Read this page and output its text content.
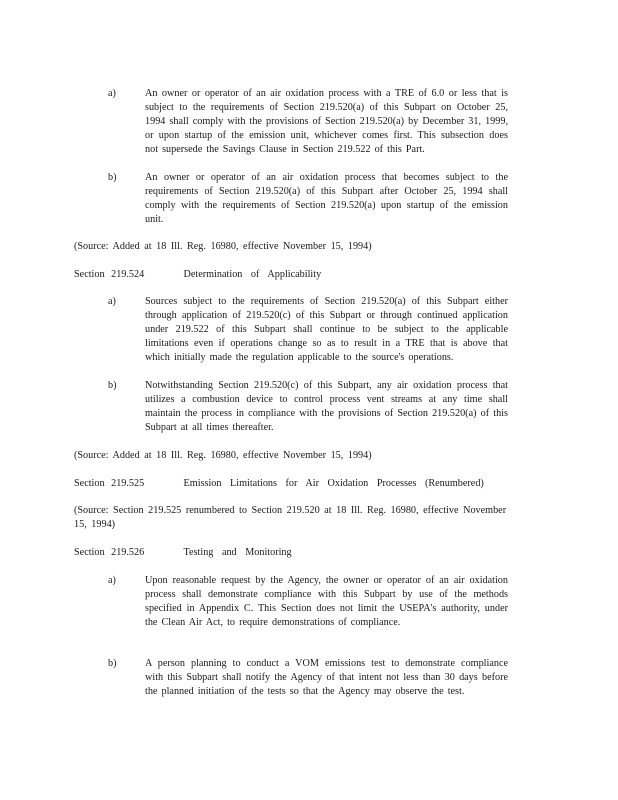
a)	An owner or operator of an air oxidation process with a TRE of 6.0 or less that is subject to the requirements of Section 219.520(a) of this Subpart on October 25, 1994 shall comply with the provisions of Section 219.520(a) by December 31, 1999, or upon startup of the emission unit, whichever comes first. This subsection does not supersede the Savings Clause in Section 219.522 of this Part.
b)	An owner or operator of an air oxidation process that becomes subject to the requirements of Section 219.520(a) of this Subpart after October 25, 1994 shall comply with the requirements of Section 219.520(a) upon startup of the emission unit.
(Source: Added at 18 Ill. Reg. 16980, effective November 15, 1994)
Section 219.524	Determination of Applicability
a)	Sources subject to the requirements of Section 219.520(a) of this Subpart either through application of 219.520(c) of this Subpart or through continued application under 219.522 of this Subpart shall continue to be subject to the applicable limitations even if operations change so as to result in a TRE that is above that which initially made the regulation applicable to the source's operations.
b)	Notwithstanding Section 219.520(c) of this Subpart, any air oxidation process that utilizes a combustion device to control process vent streams at any time shall maintain the process in compliance with the provisions of Section 219.520(a) of this Subpart at all times thereafter.
(Source: Added at 18 Ill. Reg. 16980, effective November 15, 1994)
Section 219.525	Emission Limitations for Air Oxidation Processes (Renumbered)
(Source: Section 219.525 renumbered to Section 219.520 at 18 Ill. Reg. 16980, effective November 15, 1994)
Section 219.526	Testing and Monitoring
a)	Upon reasonable request by the Agency, the owner or operator of an air oxidation process shall demonstrate compliance with this Subpart by use of the methods specified in Appendix C. This Section does not limit the USEPA's authority, under the Clean Air Act, to require demonstrations of compliance.
b)	A person planning to conduct a VOM emissions test to demonstrate compliance with this Subpart shall notify the Agency of that intent not less than 30 days before the planned initiation of the tests so that the Agency may observe the test.
